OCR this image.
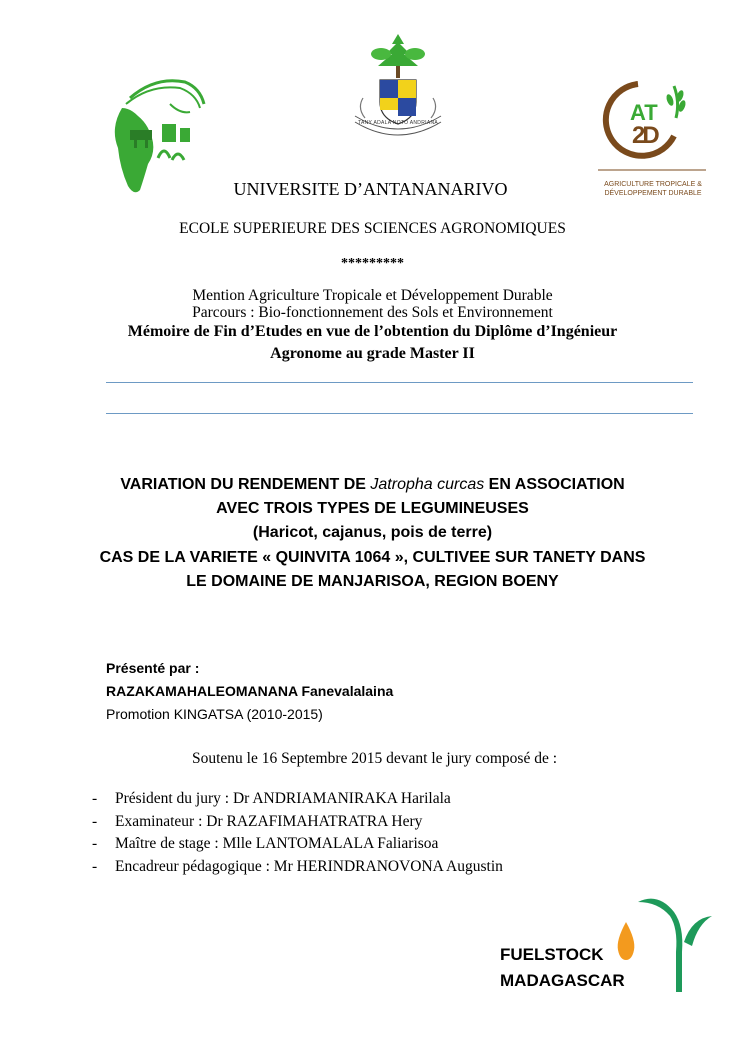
TANY ADALA NOTO ANDRIANA	AT
2D
AGRICULTURE TROPICALE &
DÉVELOPPEMENT DURABLE
UNIVERSITE D’ANTANANARIVO
ECOLE SUPERIEURE DES SCIENCES AGRONOMIQUES
*********
Mention Agriculture Tropicale et Développement Durable
Parcours : Bio-fonctionnement des Sols et Environnement
Mémoire de Fin d’Etudes en vue de l’obtention du Diplôme d’Ingénieur
Agronome au grade Master II
VARIATION DU RENDEMENT DE Jatropha curcas EN ASSOCIATION
AVEC TROIS TYPES DE LEGUMINEUSES
(Haricot, cajanus, pois de terre)
CAS DE LA VARIETE « QUINVITA 1064 », CULTIVEE SUR TANETY DANS
LE DOMAINE DE MANJARISOA, REGION BOENY
Présenté par :
RAZAKAMAHALEOMANANA Fanevalalaina
Promotion KINGATSA (2010-2015)
Soutenu le 16 Septembre 2015 devant le jury composé de :
- Président du jury : Dr ANDRIAMANIRAKA Harilala
- Examinateur : Dr RAZAFIMAHATRATRA Hery
- Maître de stage : Mlle LANTOMALALA Faliarisoa
- Encadreur pédagogique : Mr HERINDRANOVONA Augustin
FUELSTOCK
MADAGASCAR
